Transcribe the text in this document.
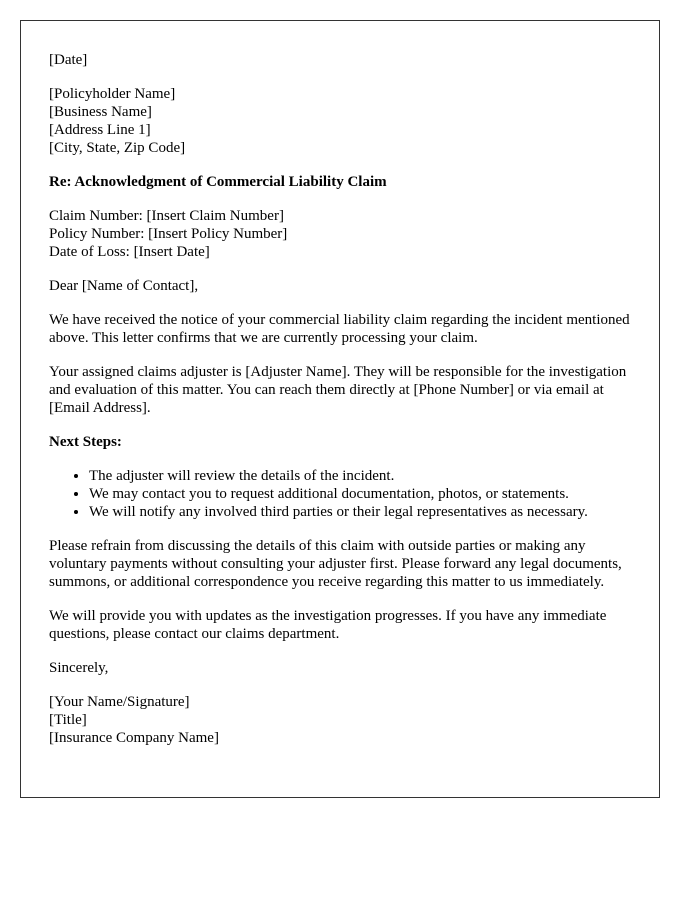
[Date]

[Policyholder Name]
[Business Name]
[Address Line 1]
[City, State, Zip Code]

Re: Acknowledgment of Commercial Liability Claim

Claim Number: [Insert Claim Number]
Policy Number: [Insert Policy Number]
Date of Loss: [Insert Date]

Dear [Name of Contact],

We have received the notice of your commercial liability claim regarding the incident mentioned above. This letter confirms that we are currently processing your claim.

Your assigned claims adjuster is [Adjuster Name]. They will be responsible for the investigation and evaluation of this matter. You can reach them directly at [Phone Number] or via email at [Email Address].

Next Steps:

• The adjuster will review the details of the incident.
• We may contact you to request additional documentation, photos, or statements.
• We will notify any involved third parties or their legal representatives as necessary.

Please refrain from discussing the details of this claim with outside parties or making any voluntary payments without consulting your adjuster first. Please forward any legal documents, summons, or additional correspondence you receive regarding this matter to us immediately.

We will provide you with updates as the investigation progresses. If you have any immediate questions, please contact our claims department.

Sincerely,

[Your Name/Signature]
[Title]
[Insurance Company Name]
